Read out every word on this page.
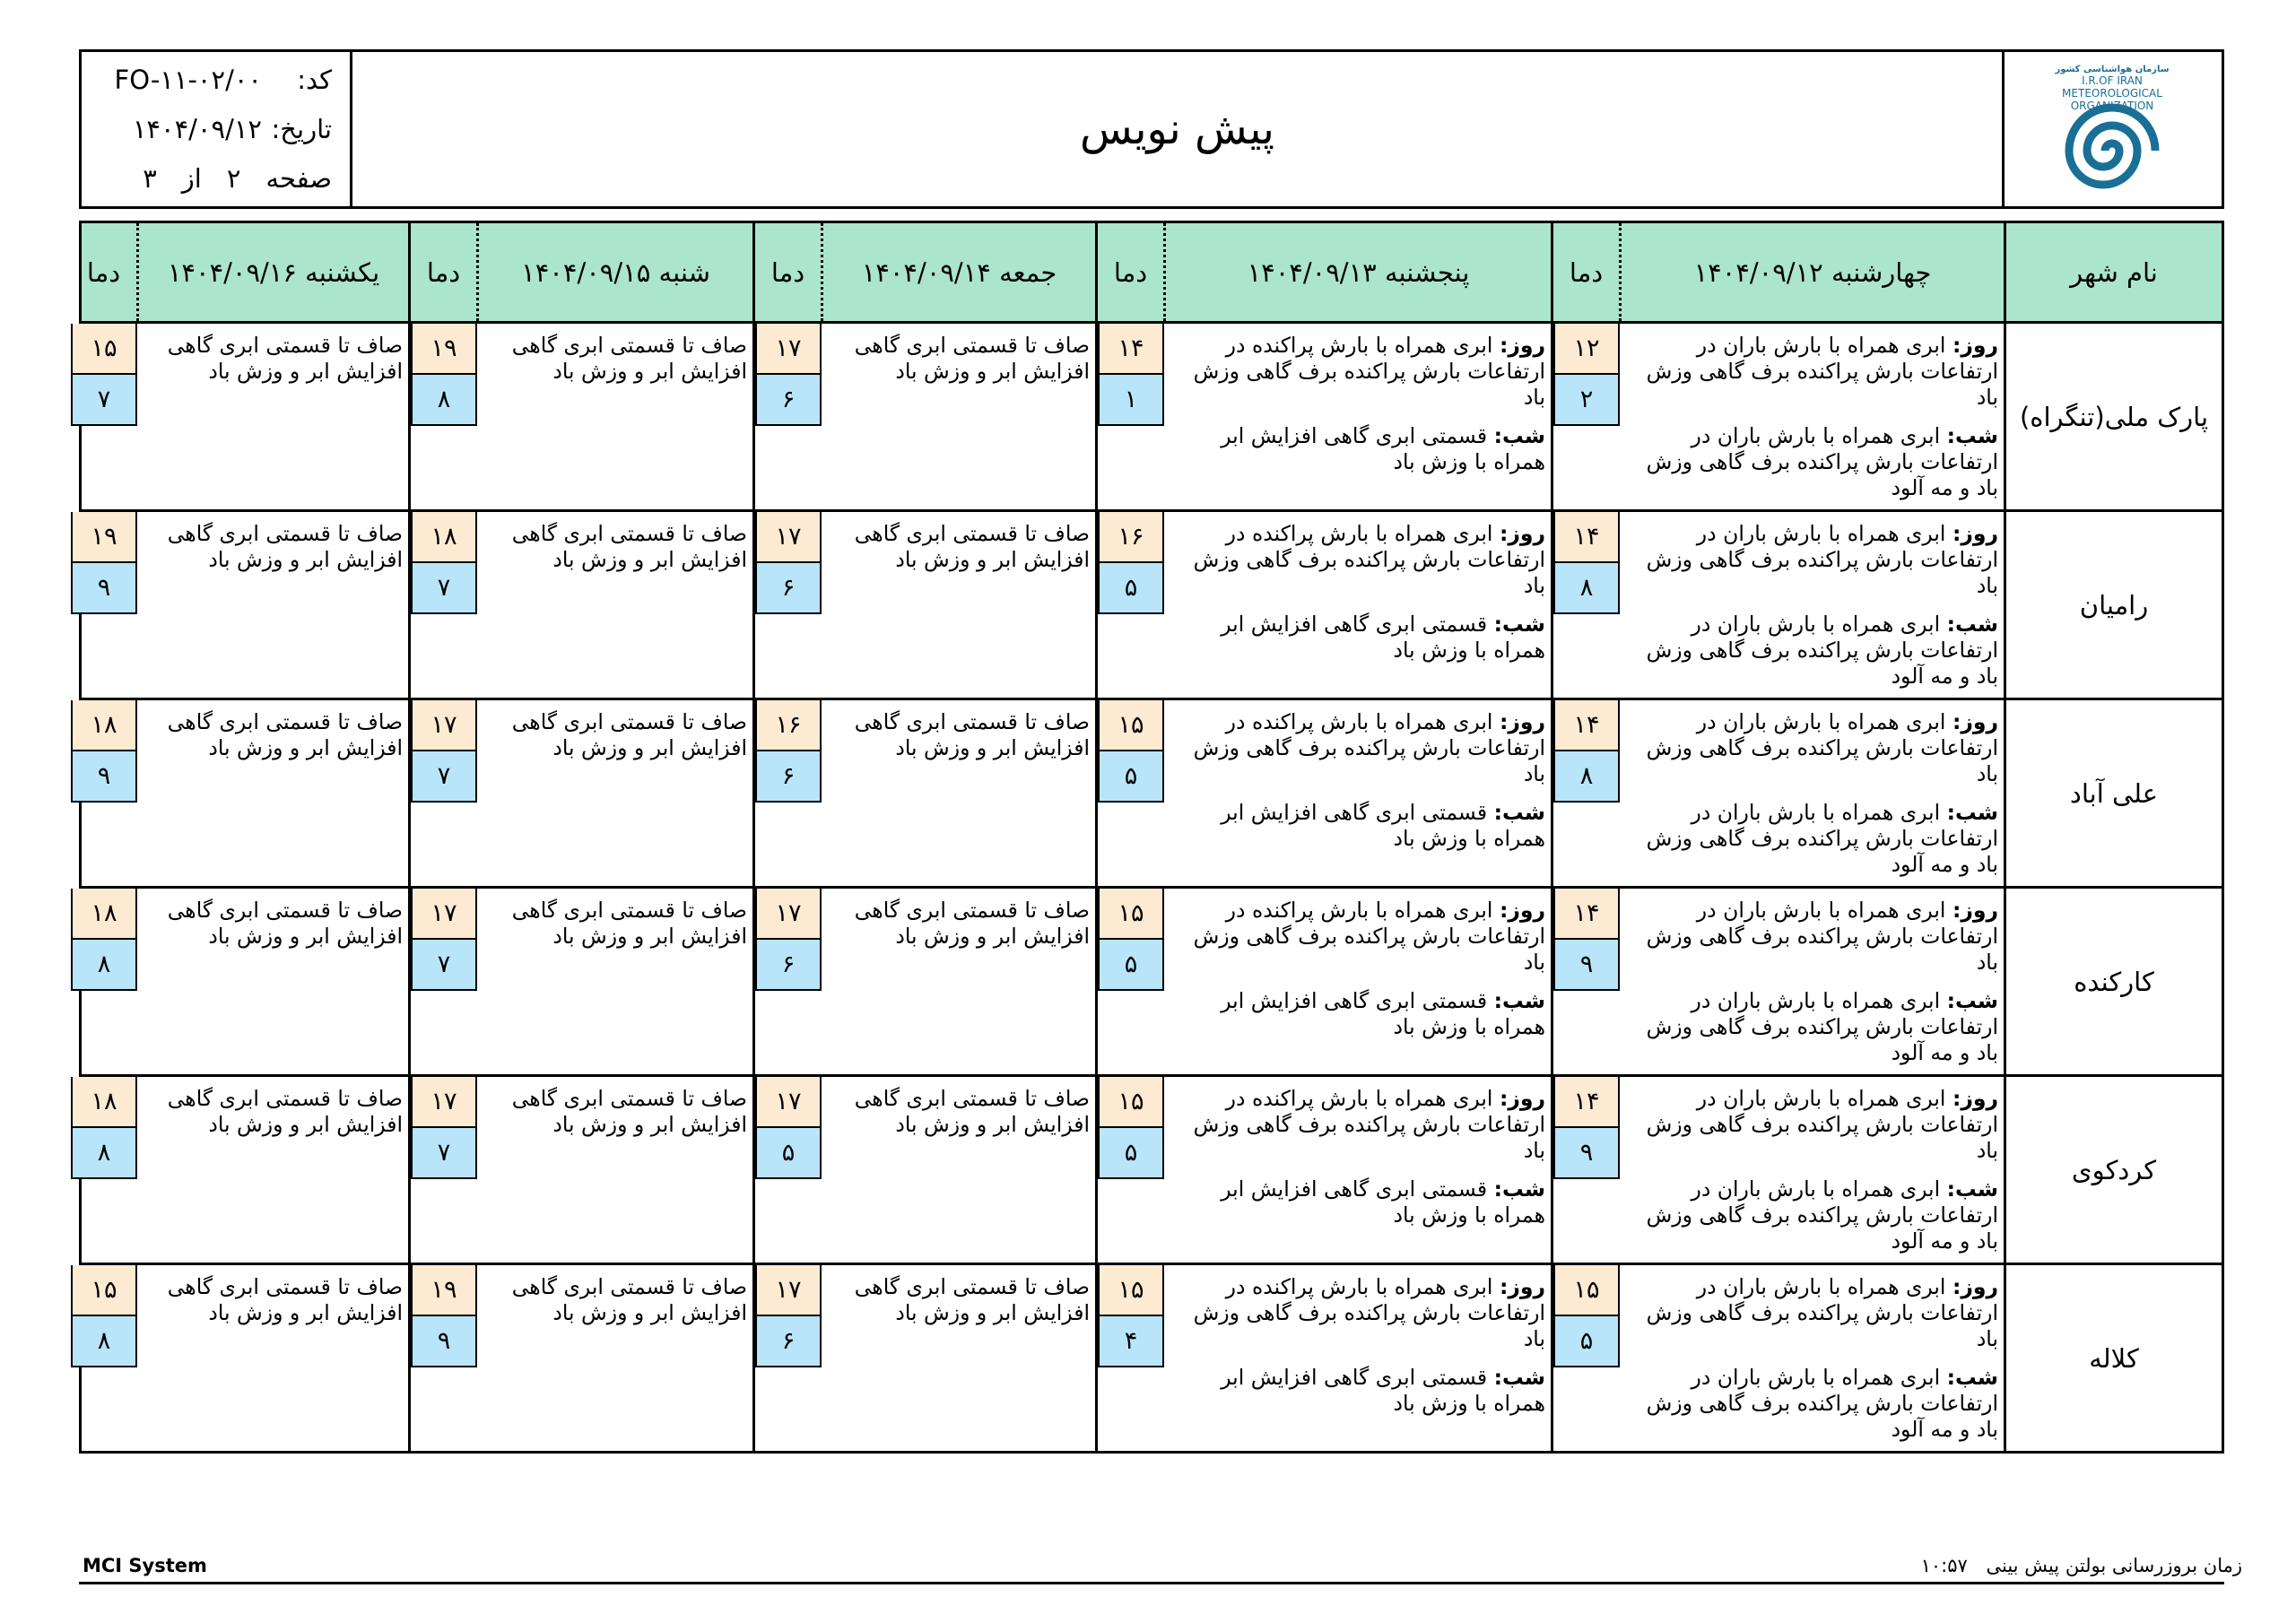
کد:
FO-۱۱-۰۲/۰۰
تاریخ:
۱۴۰۴/۰۹/۱۲
صفحه
۲
از
۳
پیش نویس
سازمان هواشناسی کشور
I.R.OF IRAN
METEOROLOGICAL
ORGANIZATION
نام شهر
چهارشنبه ۱۴۰۴/۰۹/۱۲
دما
پنجشنبه ۱۴۰۴/۰۹/۱۳
دما
جمعه ۱۴۰۴/۰۹/۱۴
دما
شنبه ۱۴۰۴/۰۹/۱۵
دما
یکشنبه ۱۴۰۴/۰۹/۱۶
دما
پارک ملی(تنگراه)

روز: ابری همراه با بارش باران در ارتفاعات بارش پراکنده برف گاهی وزش باد

شب: ابری همراه با بارش باران در ارتفاعات بارش پراکنده برف گاهی وزش باد و مه آلود

۱۲
۲

روز: ابری همراه با بارش پراکنده در ارتفاعات بارش پراکنده برف گاهی وزش باد

شب: قسمتی ابری گاهی افزایش ابر همراه با وزش باد

۱۴
۱

صاف تا قسمتی ابری گاهی افزایش ابر و وزش باد

۱۷
۶

صاف تا قسمتی ابری گاهی افزایش ابر و وزش باد

۱۹
۸

صاف تا قسمتی ابری گاهی افزایش ابر و وزش باد

۱۵
۷
رامیان

روز: ابری همراه با بارش باران در ارتفاعات بارش پراکنده برف گاهی وزش باد

شب: ابری همراه با بارش باران در ارتفاعات بارش پراکنده برف گاهی وزش باد و مه آلود

۱۴
۸

روز: ابری همراه با بارش پراکنده در ارتفاعات بارش پراکنده برف گاهی وزش باد

شب: قسمتی ابری گاهی افزایش ابر همراه با وزش باد

۱۶
۵

صاف تا قسمتی ابری گاهی افزایش ابر و وزش باد

۱۷
۶

صاف تا قسمتی ابری گاهی افزایش ابر و وزش باد

۱۸
۷

صاف تا قسمتی ابری گاهی افزایش ابر و وزش باد

۱۹
۹
علی آباد

روز: ابری همراه با بارش باران در ارتفاعات بارش پراکنده برف گاهی وزش باد

شب: ابری همراه با بارش باران در ارتفاعات بارش پراکنده برف گاهی وزش باد و مه آلود

۱۴
۸

روز: ابری همراه با بارش پراکنده در ارتفاعات بارش پراکنده برف گاهی وزش باد

شب: قسمتی ابری گاهی افزایش ابر همراه با وزش باد

۱۵
۵

صاف تا قسمتی ابری گاهی افزایش ابر و وزش باد

۱۶
۶

صاف تا قسمتی ابری گاهی افزایش ابر و وزش باد

۱۷
۷

صاف تا قسمتی ابری گاهی افزایش ابر و وزش باد

۱۸
۹
کارکنده

روز: ابری همراه با بارش باران در ارتفاعات بارش پراکنده برف گاهی وزش باد

شب: ابری همراه با بارش باران در ارتفاعات بارش پراکنده برف گاهی وزش باد و مه آلود

۱۴
۹

روز: ابری همراه با بارش پراکنده در ارتفاعات بارش پراکنده برف گاهی وزش باد

شب: قسمتی ابری گاهی افزایش ابر همراه با وزش باد

۱۵
۵

صاف تا قسمتی ابری گاهی افزایش ابر و وزش باد

۱۷
۶

صاف تا قسمتی ابری گاهی افزایش ابر و وزش باد

۱۷
۷

صاف تا قسمتی ابری گاهی افزایش ابر و وزش باد

۱۸
۸
کردکوی

روز: ابری همراه با بارش باران در ارتفاعات بارش پراکنده برف گاهی وزش باد

شب: ابری همراه با بارش باران در ارتفاعات بارش پراکنده برف گاهی وزش باد و مه آلود

۱۴
۹

روز: ابری همراه با بارش پراکنده در ارتفاعات بارش پراکنده برف گاهی وزش باد

شب: قسمتی ابری گاهی افزایش ابر همراه با وزش باد

۱۵
۵

صاف تا قسمتی ابری گاهی افزایش ابر و وزش باد

۱۷
۵

صاف تا قسمتی ابری گاهی افزایش ابر و وزش باد

۱۷
۷

صاف تا قسمتی ابری گاهی افزایش ابر و وزش باد

۱۸
۸
کلاله

روز: ابری همراه با بارش باران در ارتفاعات بارش پراکنده برف گاهی وزش باد

شب: ابری همراه با بارش باران در ارتفاعات بارش پراکنده برف گاهی وزش باد و مه آلود

۱۵
۵

روز: ابری همراه با بارش پراکنده در ارتفاعات بارش پراکنده برف گاهی وزش باد

شب: قسمتی ابری گاهی افزایش ابر همراه با وزش باد

۱۵
۴

صاف تا قسمتی ابری گاهی افزایش ابر و وزش باد

۱۷
۶

صاف تا قسمتی ابری گاهی افزایش ابر و وزش باد

۱۹
۹

صاف تا قسمتی ابری گاهی افزایش ابر و وزش باد

۱۵
۸
MCI System	زمان بروزرسانی بولتن پیش بینی ۱۰:۵۷
